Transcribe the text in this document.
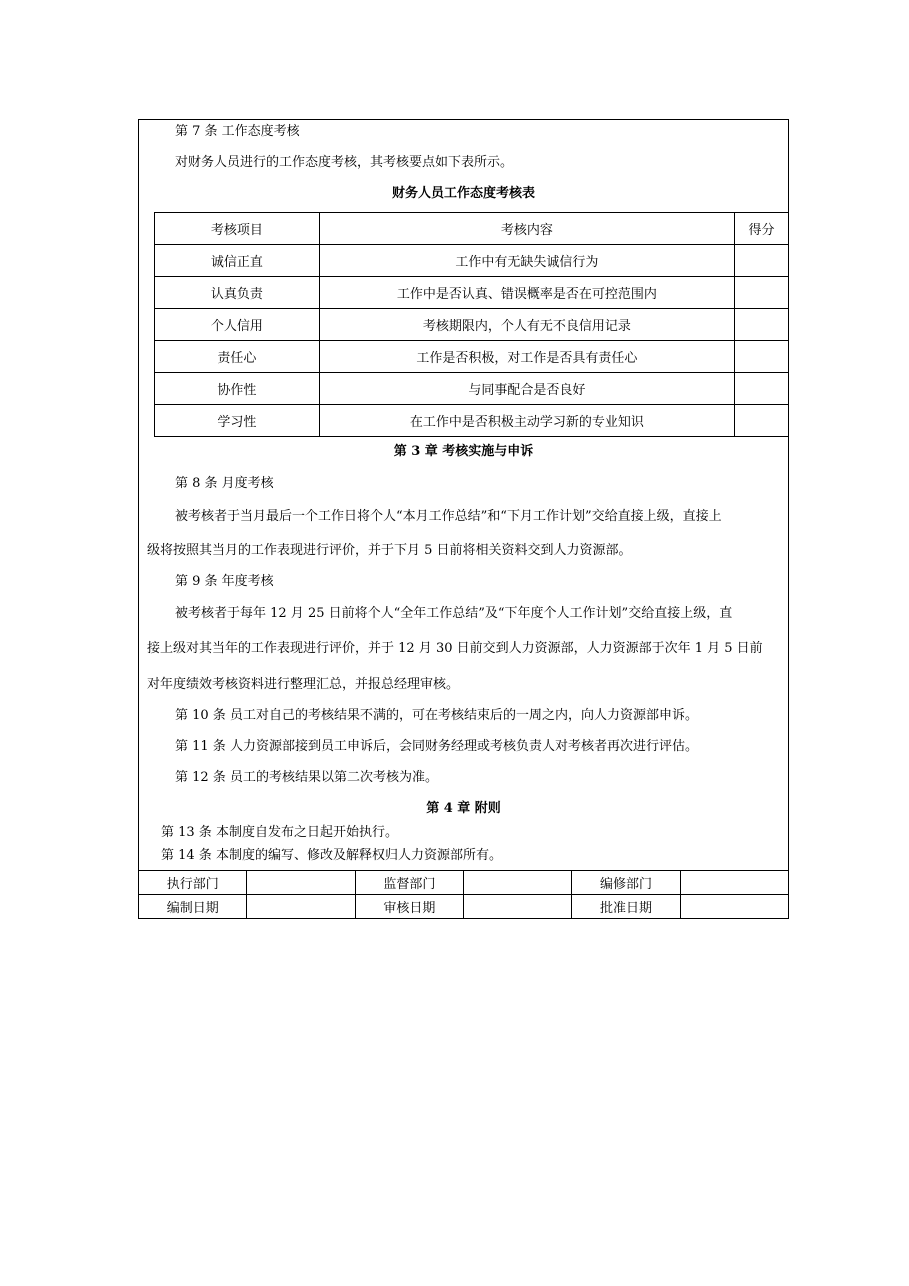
第 7 条 工作态度考核
对财务人员进行的工作态度考核，其考核要点如下表所示。
财务人员工作态度考核表
考核项目	考核内容	得分
诚信正直	工作中有无缺失诚信行为	
认真负责	工作中是否认真、错误概率是否在可控范围内	
个人信用	考核期限内，个人有无不良信用记录	
责任心	工作是否积极，对工作是否具有责任心	
协作性	与同事配合是否良好	
学习性	在工作中是否积极主动学习新的专业知识	
第 3 章 考核实施与申诉
第 8 条 月度考核
被考核者于当月最后一个工作日将个人“本月工作总结”和“下月工作计划”交给直接上级，直接上
级将按照其当月的工作表现进行评价，并于下月 5 日前将相关资料交到人力资源部。
第 9 条 年度考核
被考核者于每年 12 月 25 日前将个人“全年工作总结”及“下年度个人工作计划”交给直接上级，直
接上级对其当年的工作表现进行评价，并于 12 月 30 日前交到人力资源部，人力资源部于次年 1 月 5 日前
对年度绩效考核资料进行整理汇总，并报总经理审核。
第 10 条 员工对自己的考核结果不满的，可在考核结束后的一周之内，向人力资源部申诉。
第 11 条 人力资源部接到员工申诉后，会同财务经理或考核负责人对考核者再次进行评估。
第 12 条 员工的考核结果以第二次考核为准。
第 4 章 附则
第 13 条 本制度自发布之日起开始执行。
第 14 条 本制度的编写、修改及解释权归人力资源部所有。
执行部门		监督部门		编修部门	
编制日期		审核日期		批准日期	
